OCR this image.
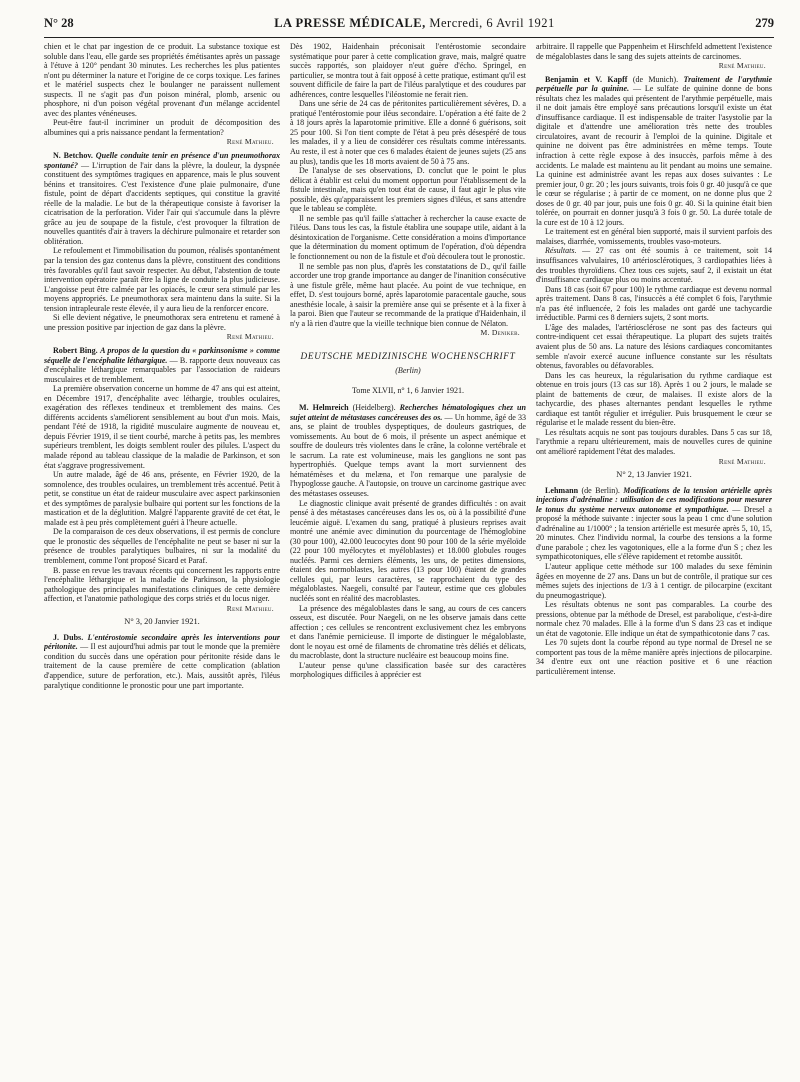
N° 28	LA PRESSE MÉDICALE, Mercredi, 6 Avril 1921	279

chien et le chat par ingestion de ce produit. La substance toxique est soluble dans l'eau, elle garde ses propriétés émétisantes après un passage à l'étuve à 120° pendant 30 minutes. Les recherches les plus patientes n'ont pu déterminer la nature et l'origine de ce corps toxique. Les farines et le matériel suspects chez le boulanger ne paraissent nullement suspects. Il ne s'agit pas d'un poison minéral, plomb, arsenic ou phosphore, ni d'un poison végétal provenant d'un mélange accidentel avec des plantes vénéneuses.

Peut-être faut-il incriminer un produit de décomposition des albumines qui a pris naissance pendant la fermentation?

René Mathieu.

N. Betchov. Quelle conduite tenir en présence d'un pneumothorax spontané? — L'irruption de l'air dans la plèvre, la douleur, la dyspnée constituent des symptômes tragiques en apparence, mais le plus souvent bénins et transitoires. C'est l'existence d'une plaie pulmonaire, d'une fistule, point de départ d'accidents septiques, qui constitue la gravité réelle de la maladie. Le but de la thérapeutique consiste à favoriser la cicatrisation de la perforation. Vider l'air qui s'accumule dans la plèvre grâce au jeu de soupape de la fistule, c'est provoquer la filtration de nouvelles quantités d'air à travers la déchirure pulmonaire et retarder son oblitération.

Le refoulement et l'immobilisation du poumon, réalisés spontanément par la tension des gaz contenus dans la plèvre, constituent des conditions très favorables qu'il faut savoir respecter. Au début, l'abstention de toute intervention opératoire paraît être la ligne de conduite la plus judicieuse. L'angoisse peut être calmée par les opiacés, le cœur sera stimulé par les moyens appropriés. Le pneumothorax sera maintenu dans la suite. Si la tension intrapleurale reste élevée, il y aura lieu de la renforcer encore.

Si elle devient négative, le pneumothorax sera entretenu et ramené à une pression positive par injection de gaz dans la plèvre.

René Mathieu.

Robert Bing. A propos de la question du « parkinsonisme » comme séquelle de l'encéphalite léthargique. — B. rapporte deux nouveaux cas d'encéphalite léthargique remarquables par l'association de raideurs musculaires et de tremblement.

La première observation concerne un homme de 47 ans qui est atteint, en Décembre 1917, d'encéphalite avec léthargie, troubles oculaires, exagération des réflexes tendineux et tremblement des mains. Ces différents accidents s'améliorent sensiblement au bout d'un mois. Mais, pendant l'été de 1918, la rigidité musculaire augmente de nouveau et, depuis Février 1919, il se tient courbé, marche à petits pas, les membres supérieurs tremblent, les doigts semblent rouler des pilules. L'aspect du malade répond au tableau classique de la maladie de Parkinson, et son état s'aggrave progressivement.

Un autre malade, âgé de 46 ans, présente, en Février 1920, de la somnolence, des troubles oculaires, un tremblement très accentué. Petit à petit, se constitue un état de raideur musculaire avec aspect parkinsonien et des symptômes de paralysie bulbaire qui portent sur les fonctions de la mastication et de la déglutition. Malgré l'apparente gravité de cet état, le malade est à peu près complètement guéri à l'heure actuelle.

De la comparaison de ces deux observations, il est permis de conclure que le pronostic des séquelles de l'encéphalite ne peut se baser ni sur la présence de troubles paralytiques bulbaires, ni sur la modalité du tremblement, comme l'ont proposé Sicard et Paraf.

B. passe en revue les travaux récents qui concernent les rapports entre l'encéphalite léthargique et la maladie de Parkinson, la physiologie pathologique des principales manifestations cliniques de cette dernière affection, et l'anatomie pathologique des corps striés et du locus niger.

René Mathieu.
N° 3, 20 Janvier 1921.

J. Dubs. L'entérostomie secondaire après les interventions pour péritonite. — Il est aujourd'hui admis par tout le monde que la première condition du succès dans une opération pour péritonite réside dans le traitement de la cause première de cette complication (ablation d'appendice, suture de perforation, etc.). Mais, aussitôt après, l'iléus paralytique conditionne le pronostic pour une part importante.

Dès 1902, Haidenhain préconisait l'entérostomie secondaire systématique pour parer à cette complication grave, mais, malgré quatre succès rapportés, son plaidoyer n'eut guère d'écho. Springel, en particulier, se montra tout à fait opposé à cette pratique, estimant qu'il est souvent difficile de faire la part de l'iléus paralytique et des coudures par adhérences, contre lesquelles l'iléostomie ne ferait rien.

Dans une série de 24 cas de péritonites particulièrement sévères, D. a pratiqué l'entérostomie pour iléus secondaire. L'opération a été faite de 2 à 18 jours après la laparotomie primitive. Elle a donné 6 guérisons, soit 25 pour 100. Si l'on tient compte de l'état à peu près désespéré de tous les malades, il y a lieu de considérer ces résultats comme intéressants. Au reste, il est à noter que ces 6 malades étaient de jeunes sujets (25 ans au plus), tandis que les 18 morts avaient de 50 à 75 ans.

De l'analyse de ses observations, D. conclut que le point le plus délicat à établir est celui du moment opportun pour l'établissement de la fistule intestinale, mais qu'en tout état de cause, il faut agir le plus vite possible, dès qu'apparaissent les premiers signes d'iléus, et sans attendre que le tableau se complète.

Il ne semble pas qu'il faille s'attacher à rechercher la cause exacte de l'iléus. Dans tous les cas, la fistule établira une soupape utile, aidant à la désintoxication de l'organisme. Cette considération a moins d'importance que la détermination du moment optimum de l'opération, d'où dépendra le fonctionnement ou non de la fistule et d'où découlera tout le pronostic.

Il ne semble pas non plus, d'après les constatations de D., qu'il faille accorder une trop grande importance au danger de l'inanition consécutive à une fistule grêle, même haut placée. Au point de vue technique, en effet, D. s'est toujours borné, après laparotomie paracentale gauche, sous anesthésie locale, à saisir la première anse qui se présente et à la fixer à la paroi. Bien que l'auteur se recommande de la pratique d'Haidenhain, il n'y a là rien d'autre que la vieille technique bien connue de Nélaton.

M. Denikeb.
DEUTSCHE MEDIZINISCHE WOCHENSCHRIFT
(Berlin)
Tome XLVII, n° 1, 6 Janvier 1921.

M. Helmreich (Heidelberg). Recherches hématologiques chez un sujet atteint de métastases cancéreuses des os. — Un homme, âgé de 33 ans, se plaint de troubles dyspeptiques, de douleurs gastriques, de vomissements. Au bout de 6 mois, il présente un aspect anémique et souffre de douleurs très violentes dans le crâne, la colonne vertébrale et le sacrum. La rate est volumineuse, mais les ganglions ne sont pas hypertrophiés. Quelque temps avant la mort surviennent des hématémèses et du melæna, et l'on remarque une paralysie de l'hypoglosse gauche. A l'autopsie, on trouve un carcinome gastrique avec des métastases osseuses.

Le diagnostic clinique avait présenté de grandes difficultés : on avait pensé à des métastases cancéreuses dans les os, où à la possibilité d'une leucémie aiguë. L'examen du sang, pratiqué à plusieurs reprises avait montré une anémie avec diminution du pourcentage de l'hémoglobine (30 pour 100), 42.000 leucocytes dont 90 pour 100 de la série myéloïde (22 pour 100 myélocytes et myéloblastes) et 18.000 globules rouges nucléés. Parmi ces derniers éléments, les uns, de petites dimensions, étaient des normoblastes, les autres (13 pour 100) étaient de grandes cellules qui, par leurs caractères, se rapprochaient du type des mégaloblastes. Naegeli, consulté par l'auteur, estime que ces globules nucléés sont en réalité des macroblastes.

La présence des mégaloblastes dans le sang, au cours de ces cancers osseux, est discutée. Pour Naegeli, on ne les observe jamais dans cette affection ; ces cellules se rencontrent exclusivement chez les embryons et dans l'anémie pernicieuse. Il importe de distinguer le mégaloblaste, dont le noyau est orné de filaments de chromatine très déliés et délicats, du macroblaste, dont la structure nucléaire est beaucoup moins fine.

L'auteur pense qu'une classification basée sur des caractères morphologiques difficiles à apprécier est

arbitraire. Il rappelle que Pappenheim et Hirschfeld admettent l'existence de mégaloblastes dans le sang des sujets atteints de carcinomes.

René Mathieu.

Benjamin et V. Kapff (de Munich). Traitement de l'arythmie perpétuelle par la quinine. — Le sulfate de quinine donne de bons résultats chez les malades qui présentent de l'arythmie perpétuelle, mais il ne doit jamais être employé sans précautions lorsqu'il existe un état d'insuffisance cardiaque. Il est indispensable de traiter l'asystolie par la digitale et d'attendre une amélioration très nette des troubles circulatoires, avant de recourir à l'emploi de la quinine. Digitale et quinine ne doivent pas être administrées en même temps. Toute infraction à cette règle expose à des insuccès, parfois même à des accidents. Le malade est maintenu au lit pendant au moins une semaine. La quinine est administrée avant les repas aux doses suivantes : Le premier jour, 0 gr. 20 ; les jours suivants, trois fois 0 gr. 40 jusqu'à ce que le cœur se régularise ; à partir de ce moment, on ne donne plus que 2 doses de 0 gr. 40 par jour, puis une fois 0 gr. 40. Si la quinine était bien tolérée, on pourrait en donner jusqu'à 3 fois 0 gr. 50. La durée totale de la cure est de 10 à 12 jours.

Le traitement est en général bien supporté, mais il survient parfois des malaises, diarrhée, vomissements, troubles vaso-moteurs.

Résultats. — 27 cas ont été soumis à ce traitement, soit 14 insuffisances valvulaires, 10 artériosclérotiques, 3 cardiopathies liées à des troubles thyroïdiens. Chez tous ces sujets, sauf 2, il existait un état d'insuffisance cardiaque plus ou moins accentué.

Dans 18 cas (soit 67 pour 100) le rythme cardiaque est devenu normal après traitement. Dans 8 cas, l'insuccès a été complet 6 fois, l'arythmie n'a pas été influencée, 2 fois les malades ont gardé une tachycardie irréductible. Parmi ces 8 derniers sujets, 2 sont morts.

L'âge des malades, l'artériosclérose ne sont pas des facteurs qui contre-indiquent cet essai thérapeutique. La plupart des sujets traités avaient plus de 50 ans. La nature des lésions cardiaques concomitantes semble n'avoir exercé aucune influence constante sur les résultats obtenus, favorables ou défavorables.

Dans les cas heureux, la régularisation du rythme cardiaque est obtenue en trois jours (13 cas sur 18). Après 1 ou 2 jours, le malade se plaint de battements de cœur, de malaises. Il existe alors de la tachycardie, des phases alternantes pendant lesquelles le rythme cardiaque est tantôt régulier et irrégulier. Puis brusquement le cœur se régularise et le malade ressent du bien-être.

Les résultats acquis ne sont pas toujours durables. Dans 5 cas sur 18, l'arythmie a reparu ultérieurement, mais de nouvelles cures de quinine ont amélioré rapidement l'état des malades.

René Mathieu.
N° 2, 13 Janvier 1921.

Lehmann (de Berlin). Modifications de la tension artérielle après injections d'adrénaline : utilisation de ces modifications pour mesurer le tonus du système nerveux autonome et sympathique. — Dresel a proposé la méthode suivante : injecter sous la peau 1 cmc d'une solution d'adrénaline au 1/1000° ; la tension artérielle est mesurée après 5, 10, 15, 20 minutes. Chez l'individu normal, la courbe des tensions a la forme d'une parabole ; chez les vagotoniques, elle a la forme d'un S ; chez les sympathicotoniques, elle s'élève rapidement et retombe aussitôt.

L'auteur applique cette méthode sur 100 malades du sexe féminin âgées en moyenne de 27 ans. Dans un but de contrôle, il pratique sur ces mêmes sujets des injections de 1/3 à 1 centigr. de pilocarpine (excitant du pneumogastrique).

Les résultats obtenus ne sont pas comparables. La courbe des pressions, obtenue par la méthode de Dresel, est parabolique, c'est-à-dire normale chez 70 malades. Elle à la forme d'un S dans 23 cas et indique un état de vagotonie. Elle indique un état de sympathicotonie dans 7 cas.

Les 70 sujets dont la courbe répond au type normal de Dresel ne se comportent pas tous de la même manière après injections de pilocarpine. 34 d'entre eux ont une réaction positive et 6 une réaction particulièrement intense.
